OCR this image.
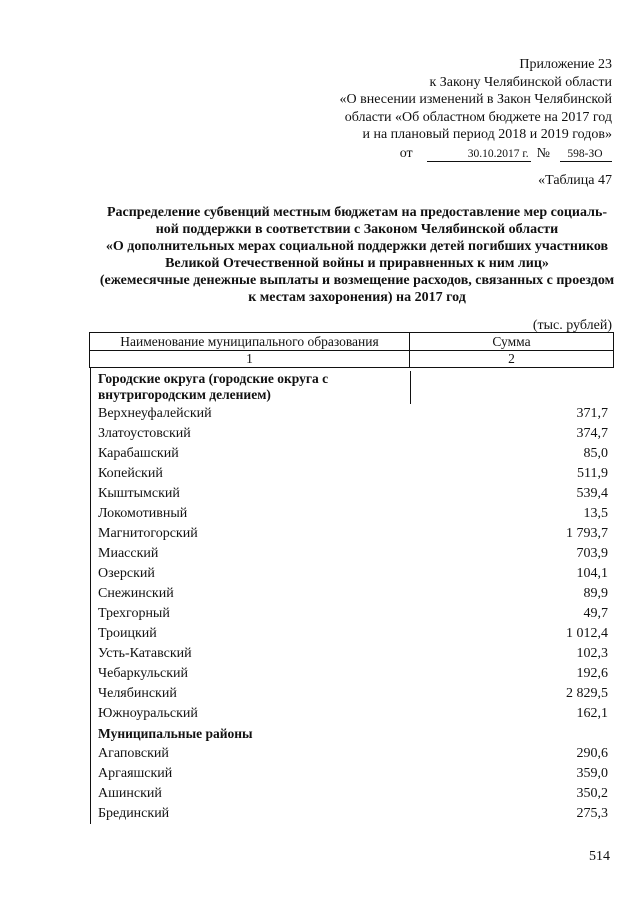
Приложение 23
к Закону Челябинской области
«О внесении изменений в Закон Челябинской
области «Об областном бюджете на 2017 год
и на плановый период 2018 и 2019 годов»
от	30.10.2017 г. № 598-ЗО
«Таблица 47
Распределение субвенций местным бюджетам на предоставление мер социаль-
ной поддержки в соответствии с Законом Челябинской области
«О дополнительных мерах социальной поддержки детей погибших участников
Великой Отечественной войны и приравненных к ним лиц»
(ежемесячные денежные выплаты и возмещение расходов, связанных с проездом
к местам захоронения) на 2017 год
(тыс. рублей)
Наименование муниципального образования	Сумма
1	2
Городские округа (городские округа с внутригородским делением)
Верхнеуфалейский	371,7
Златоустовский	374,7
Карабашский	85,0
Копейский	511,9
Кыштымский	539,4
Локомотивный	13,5
Магнитогорский	1 793,7
Миасский	703,9
Озерский	104,1
Снежинский	89,9
Трехгорный	49,7
Троицкий	1 012,4
Усть-Катавский	102,3
Чебаркульский	192,6
Челябинский	2 829,5
Южноуральский	162,1
Муниципальные районы
Агаповский	290,6
Аргаяшский	359,0
Ашинский	350,2
Брединский	275,3
514
